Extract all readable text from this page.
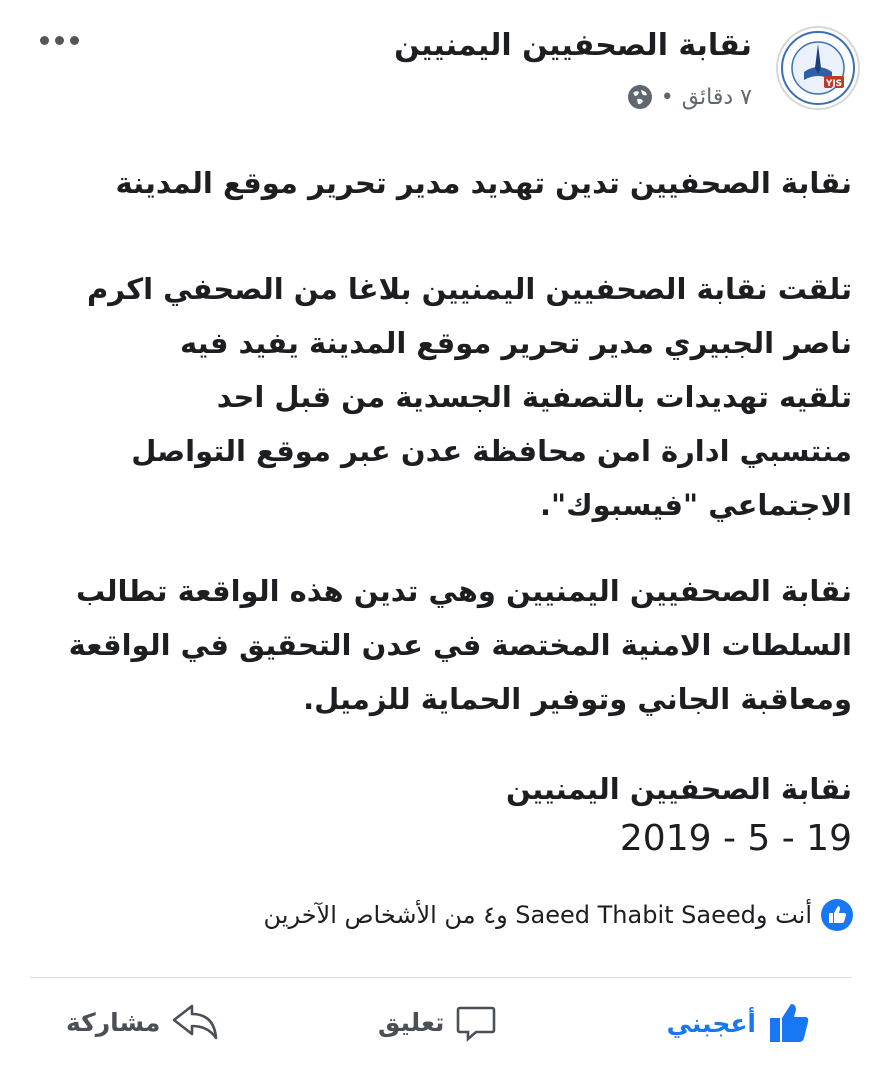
YJS
نقابة الصحفيين اليمنيين
٧ دقائق
•
نقابة الصحفيين تدين تهديد مدير تحرير موقع المدينة
تلقت نقابة الصحفيين اليمنيين بلاغا من الصحفي اكرم
ناصر الجبيري مدير تحرير موقع المدينة يفيد فيه
تلقيه تهديدات بالتصفية الجسدية من قبل احد
منتسبي ادارة امن محافظة عدن عبر موقع التواصل
الاجتماعي "فيسبوك".
نقابة الصحفيين اليمنيين وهي تدين هذه الواقعة تطالب
السلطات الامنية المختصة في عدن التحقيق في الواقعة
ومعاقبة الجاني وتوفير الحماية للزميل.
نقابة الصحفيين اليمنيين
2019 - 5 - 19
أنت وSaeed Thabit Saeed و٤ من الأشخاص الآخرين
أعجبني
تعليق
مشاركة
